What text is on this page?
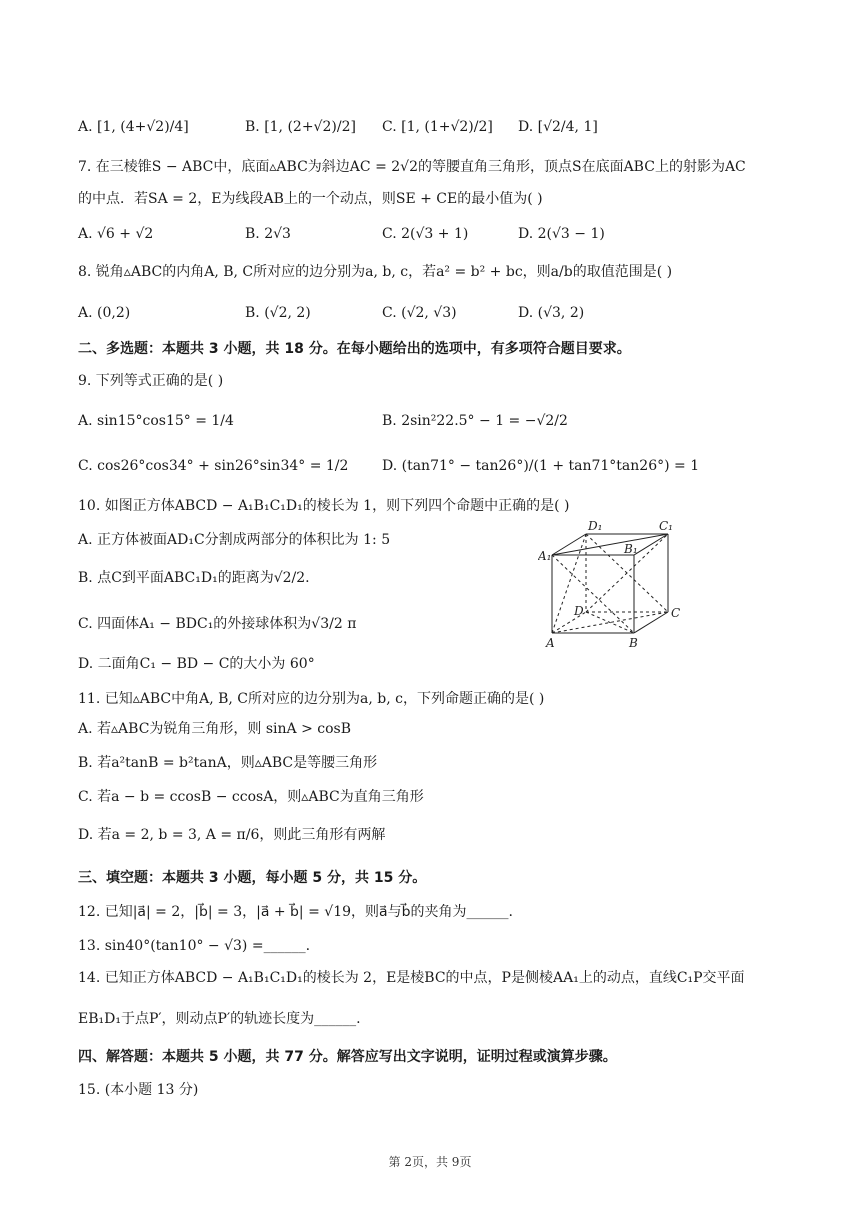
A. [1, (4+√2)/4]	B. [1, (2+√2)/2] C. [1, (1+√2)/2] D. [√2/4, 1]
7. 在三棱锥S − ABC中，底面▵ABC为斜边AC = 2√2的等腰直角三角形，顶点S在底面ABC上的射影为AC
的中点．若SA = 2，E为线段AB上的一个动点，则SE + CE的最小值为( )
A. √6 + √2	B. 2√3	C. 2(√3 + 1)	D. 2(√3 − 1)
8. 锐角▵ABC的内角A, B, C所对应的边分别为a, b, c，若a² = b² + bc，则a/b的取值范围是( )
A. (0,2)	B. (√2, 2)	C. (√2, √3)	D. (√3, 2)
二、多选题：本题共 3 小题，共 18 分。在每小题给出的选项中，有多项符合题目要求。
9. 下列等式正确的是( )
A. sin15°cos15° = 1/4	B. 2sin²22.5° − 1 = −√2/2
C. cos26°cos34° + sin26°sin34° = 1/2 D. (tan71° − tan26°)/(1 + tan71°tan26°) = 1
10. 如图正方体ABCD − A₁B₁C₁D₁的棱长为 1，则下列四个命题中正确的是( )
A. 正方体被面AD₁C分割成两部分的体积比为 1: 5
B. 点C到平面ABC₁D₁的距离为√2/2.
C. 四面体A₁ − BDC₁的外接球体积为√3/2 π
D. 二面角C₁ − BD − C的大小为 60°
A	B
C
D
A₁	B₁
C₁
D₁
11. 已知▵ABC中角A, B, C所对应的边分别为a, b, c，下列命题正确的是( )
A. 若▵ABC为锐角三角形，则 sinA > cosB
B. 若a²tanB = b²tanA，则▵ABC是等腰三角形
C. 若a − b = ccosB − ccosA，则▵ABC为直角三角形
D. 若a = 2, b = 3, A = π/6，则此三角形有两解
三、填空题：本题共 3 小题，每小题 5 分，共 15 分。
12. 已知|a⃗| = 2，|b⃗| = 3，|a⃗ + b⃗| = √19，则a⃗与b⃗的夹角为______.
13. sin40°(tan10° − √3) =______.
14. 已知正方体ABCD − A₁B₁C₁D₁的棱长为 2，E是棱BC的中点，P是侧棱AA₁上的动点，直线C₁P交平面
EB₁D₁于点P′，则动点P′的轨迹长度为______.
四、解答题：本题共 5 小题，共 77 分。解答应写出文字说明，证明过程或演算步骤。
15. (本小题 13 分)
第 2页，共 9页
